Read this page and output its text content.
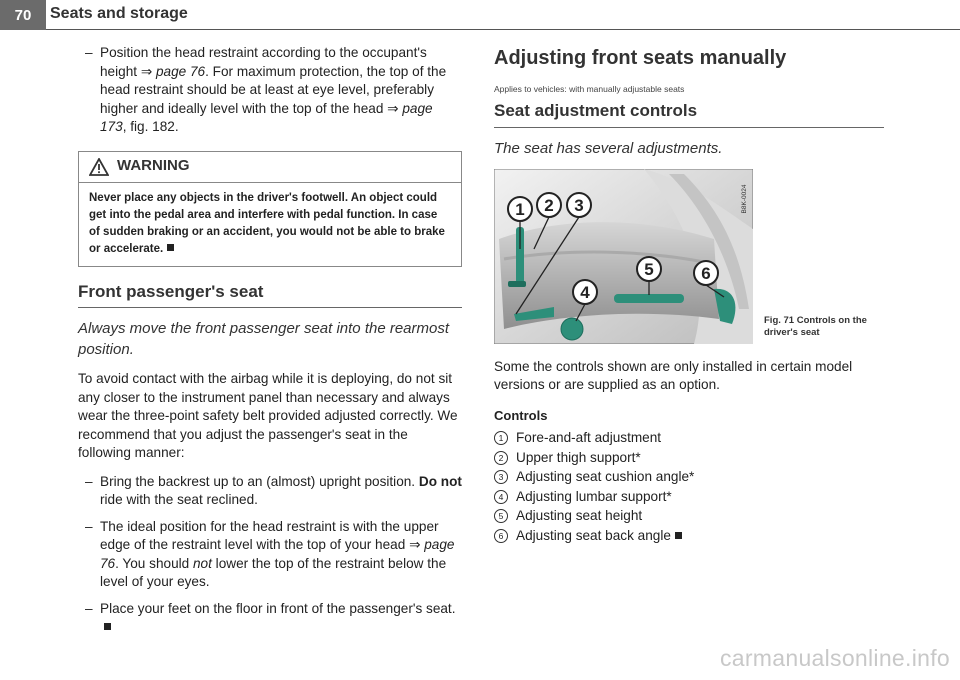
70	Seats and storage
– Position the head restraint according to the occupant's height ⇒ page 76. For maximum protection, the top of the head restraint should be at least at eye level, preferably higher and ideally level with the top of the head ⇒ page 173, fig. 182.
WARNING
Never place any objects in the driver's footwell. An object could get into the pedal area and interfere with pedal function. In case of sudden braking or an accident, you would not be able to brake or accelerate.
Front passenger's seat
Always move the front passenger seat into the rearmost position.

To avoid contact with the airbag while it is deploying, do not sit any closer to the instrument panel than necessary and always wear the three-point safety belt provided adjusted correctly. We recommend that you adjust the passenger's seat in the following manner:

– Bring the backrest up to an (almost) upright position. Do not ride with the seat reclined.
– The ideal position for the head restraint is with the upper edge of the restraint level with the top of your head ⇒ page 76. You should not lower the top of the restraint below the level of your eyes.
– Place your feet on the floor in front of the passenger's seat.
Adjusting front seats manually
Applies to vehicles: with manually adjustable seats
Seat adjustment controls
The seat has several adjustments.
1 2 3
4
5	6
B8K-0024
Fig. 71 Controls on the driver's seat

Some the controls shown are only installed in certain model versions or are supplied as an option.

Controls
1 Fore-and-aft adjustment
2 Upper thigh support*
3 Adjusting seat cushion angle*
4 Adjusting lumbar support*
5 Adjusting seat height
6 Adjusting seat back angle
carmanualsonline.info
